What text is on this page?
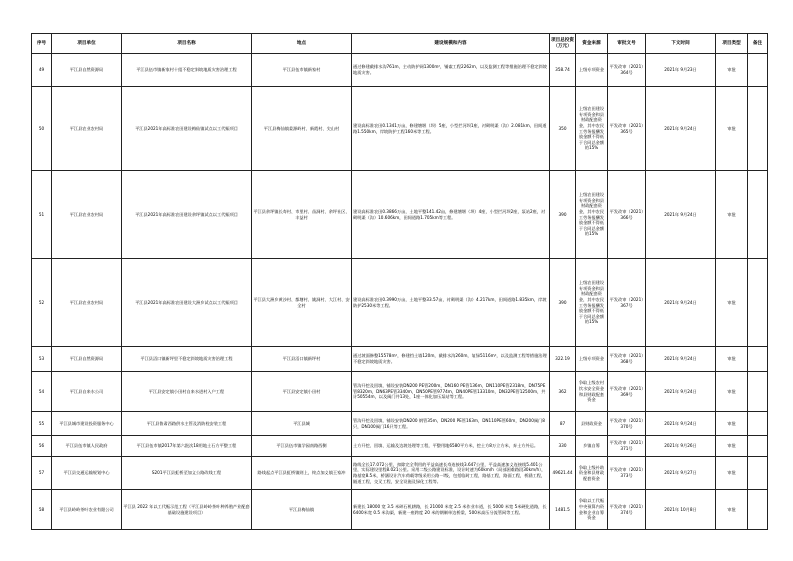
序号	项目单位	项目名称	地点	建设规模和内容	项目总投资（万元）	资金来源	审批文号	下文时间	项目类型	备注
49	平江县自然资源局	平江县伍市镇新家村十组不稳定斜坡地质灾害治理工程	平江县伍市镇新家村	通过修建截排水沟761m，主动防护网1300m²，铺索工程2262m，以及监测工程等措施治理不稳定斜坡地质灾害。	358.74	上级专项资金	平发改审（2021）364号	2021年 9月23日	审批	
50	平江县农业农村局	平江县2021年高标准农田建设梅仙镇试点以工代赈项目	平江县梅仙镇姜源岭村、新霞村、尖山村	建设高标准农田0.1341万亩，修建塘堰（坝）5座，小型拦河坝1座，衬砌明渠（沟）2.081km，田间道路1.550km，岸坡防护工程160米等工程。	350	上级农田建设专项资金和县财政配套资金，其中农民工劳务报酬发放金额不得低于合同总金额的15%	平发改审（2021）365号	2021年 9月24日	审批	
51	平江县农业农村局	平江县2021年高标准农田建设余坪镇试点以工代赈项目	平江县余坪镇长寿村、市里村、苗洞村、余坪社区、丰益村	建设高标准农田0.3866万亩，土地平整141.42亩，修建塘堰（坝）4座，小型拦河坝2座，泵站2座，衬砌明渠（沟）10.606km，田间道路1.705km等工程。	390	上级农田建设专项资金和县财政配套资金，其中农民工劳务报酬发放金额不得低于合同总金额的15%	平发改审（2021）366号	2021年 9月24日	审批	
52	平江县农业农村局	平江县2021年高标准农田建设大洲乡试点以工代赈项目	平江县大洲乡黄沙村、都塘村、姚洞村、大江村、安全村	建设高标准农田0.3990万亩，土地平整33.57亩，衬砌明渠（沟）4.217km，田间道路1.835km，岸坡防护2530米等工程。	390	上级农田建设专项资金和县财政配套资金，其中农民工劳务报酬发放金额不得低于合同总金额的15%	平发改审（2021）367号	2021年 9月24日	审批	
53	平江县自然资源局	平江县浯口镇新坪里不稳定斜坡地质灾害治理工程	平江县浯口镇新坪村	通过坡面修整15578m²，修建挡土墙120m，截排水沟260m，复绿5116m²，以及监测工程等措施治理不稳定斜坡地质灾害。	322.19	上级专项资金	平发改审（2021）368号	2021年 9月24日	审批	
54	平江县自来水公司	平江县安定镇小田村自来水进村入户工程	平江县安定镇小田村	管沟开挖及回填，铺设安装DN200 PE管200m，DN160 PE管136m，DN110PE管2318m，DN75PE管8320m，DN63PE管3340m，DN50PE管9774m，DN40PE管13310m，DN32PE管12500m，共计50554m，以及阀门井13处，1座一体化加压泵站等工程。	362	争取上级农村饮水安全资金和县财政配套资金	平发改审（2021）369号	2021年 9月24日	审批	
55	平江县城市建设投资服务中心	平江县鲁肃西路供水主管及消防栓安装工程	平江县城	管沟开挖及回填，铺设安装DN200 钢管35m，DN200 PE管163m，DN110PE管60m，DN200阀门8只，DN100阀门16只等工程。	87	县财政资金	平发改审（2021）370号	2021年 9月24日	审批	
56	平江县伍市镇人民政府	平江县伍市镇2017年第六批次18用地土石方平整工程	平江县伍市镇学园南路西侧	土方开挖、回填、运输及边坡处理等工程，平整用地6580平方米，挖土方8万立方米，弃土方外运。	330	乡镇自筹	平发改审（2021）371号	2021年 9月26日	审批	
57	平江县交通运输规划中心	S201平江县虹桥至加义公路改线工程	路线起点平江县虹桥镇则上，终点加义镇王家冲	路线全长17.072公里，扣除完全利用的平益高速长寿连接线3.647公里，平益高速加义连接线5.401公里，实际建设里程8.021公里。采用二级公路建设标准，设计时速为60km/h（局部困难路段30km/h），路基宽8.5米，桥涵设计汽车荷载等级采用公路－I级，包括临时工程，路基工程，路面工程，桥涵工程，隧道工程，交叉工程，安全设施及绿化工程等。	49621.44	争取上级补助资金和县财政配套资金	平发改审（2021）373号	2021年 9月27日	审批	
58	平江县岭岭茶叶农业有限公司	平江县 2022 年以工代赈示范工程（平江县岭岭茶叶种养殖产业配套基础设施建设项目）	平江县梅仙镇	新建长 18000 宽 3.5 米碎石机耕路，长 21000 米宽 2.5 米作业车道，长 5000 米宽 5米硬化道路，长 6400米宽 0.5 米沟渠，新建一座跨度 20 米的钢制单边桥梁，500米高压分流管网等工程。	1481.5	争取以工代赈中央预算内资金和企业自筹资金	平发改审（2021）374号	2021年 10月8日	审批	
